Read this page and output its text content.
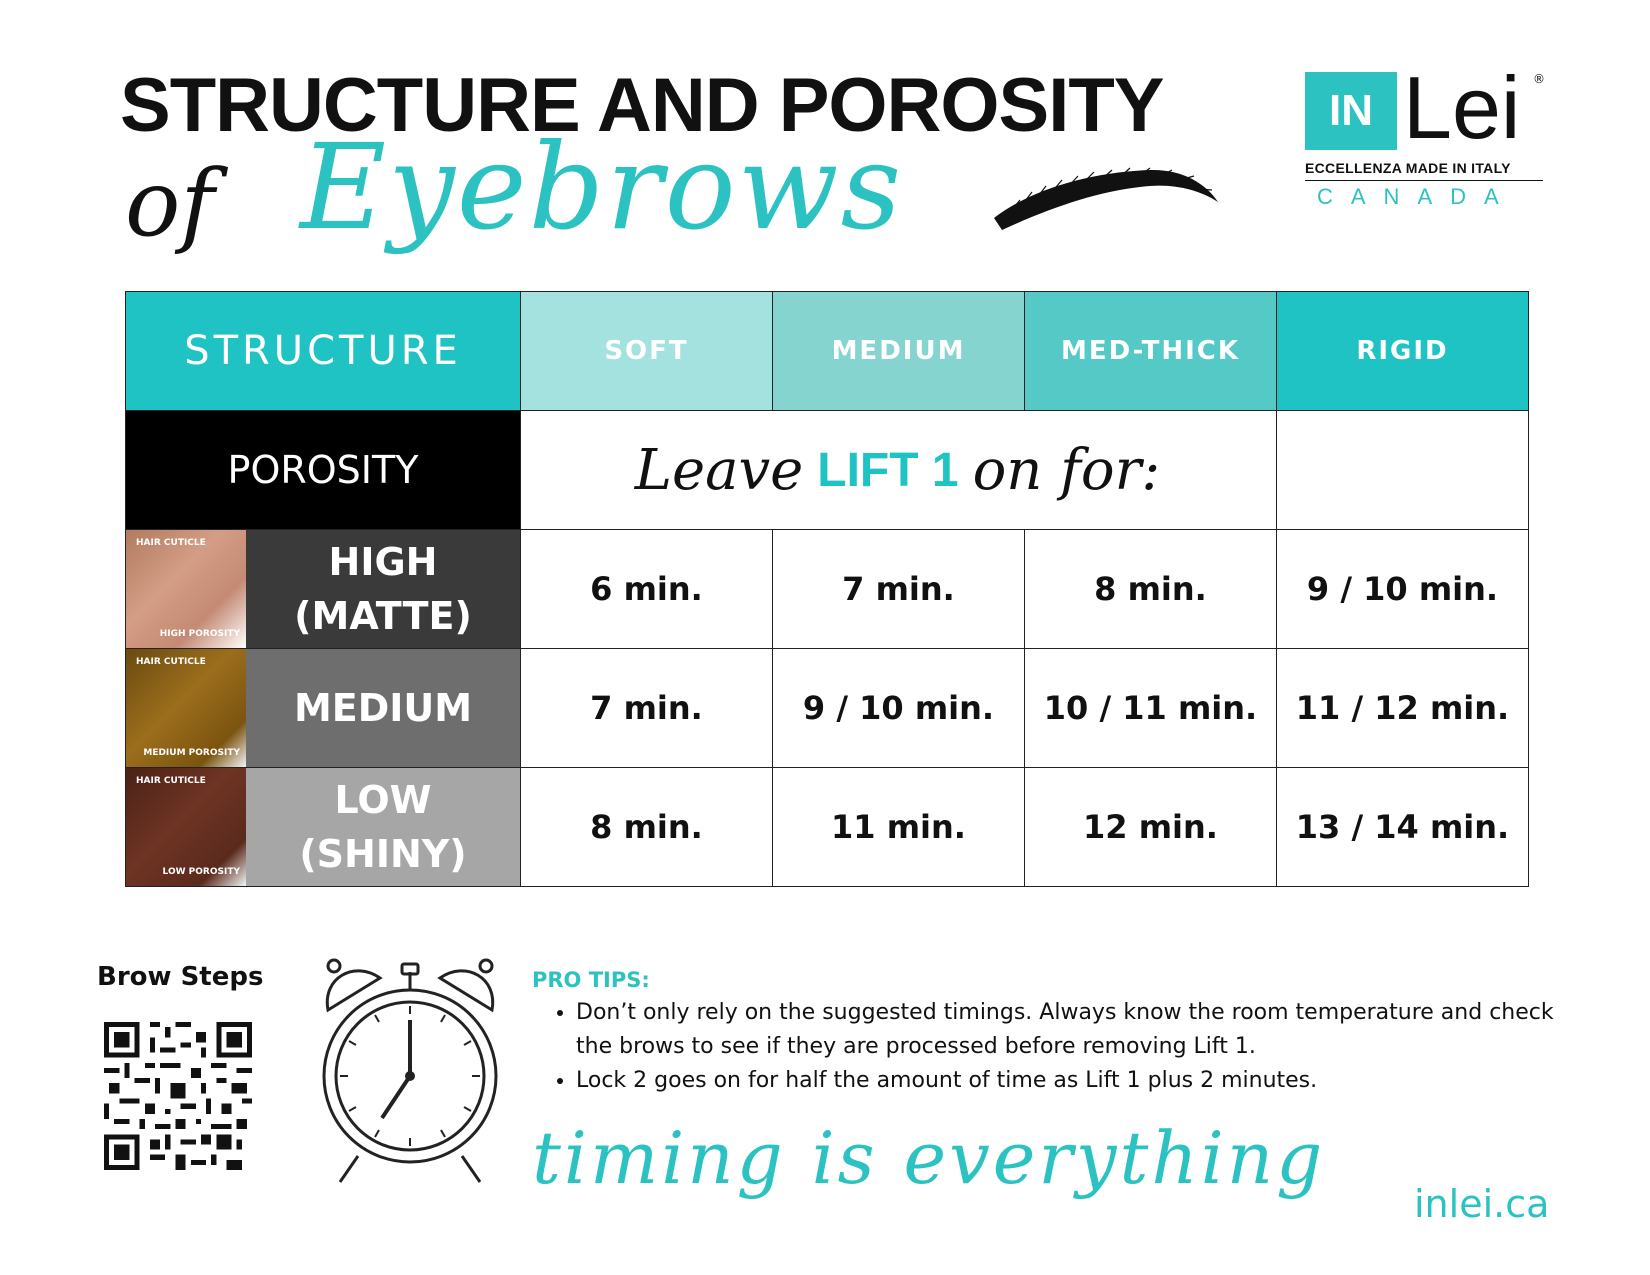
STRUCTURE AND POROSITY
of Eyebrows
IN Lei ®
ECCELLENZA MADE IN ITALY
CANADA
STRUCTURE	SOFT	MEDIUM	MED-THICK	RIGID
POROSITY	Leave LIFT 1 on for:			

HAIR CUTICLE
HIGH POROSITY
HIGH (MATTE)	6 min.	7 min.	8 min.	9 / 10 min.

HAIR CUTICLE
MEDIUM POROSITY
MEDIUM	7 min.	9 / 10 min.	10 / 11 min.	11 / 12 min.

HAIR CUTICLE
LOW POROSITY
LOW (SHINY)	8 min.	11 min.	12 min.	13 / 14 min.
Brow Steps	PRO TIPS:
• Don’t only rely on the suggested timings. Always know the room temperature and check the brows to see if they are processed before removing Lift 1.
• Lock 2 goes on for half the amount of time as Lift 1 plus 2 minutes.
timing is everything
inlei.ca
